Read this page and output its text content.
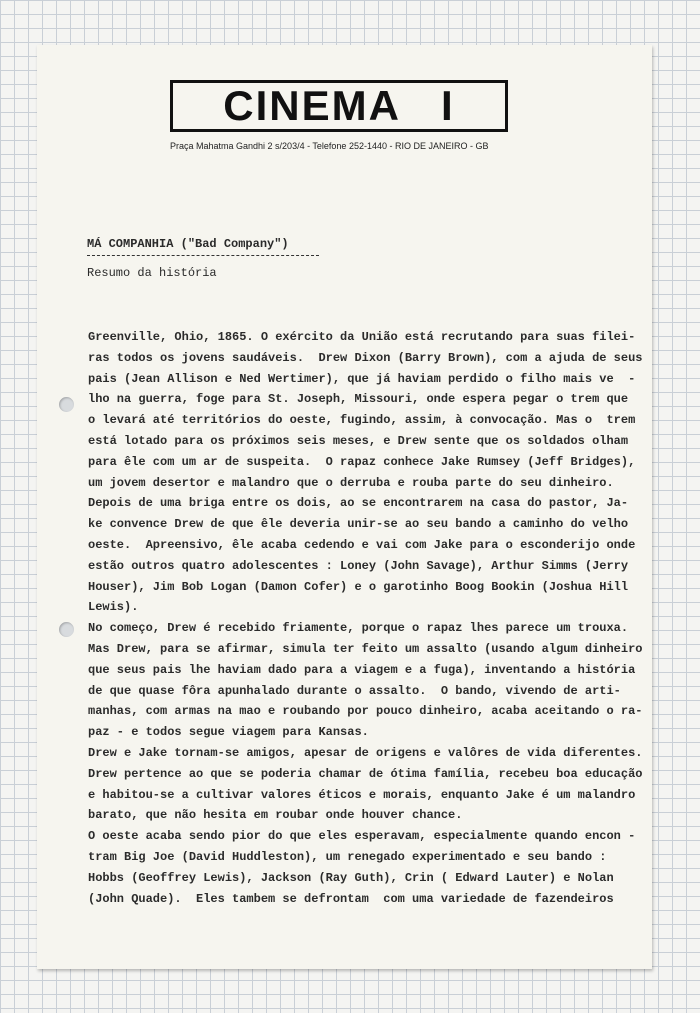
CINEMA I
Praça Mahatma Gandhi 2 s/203/4 - Telefone 252-1440 - RIO DE JANEIRO - GB
MÁ COMPANHIA ("Bad Company")
Resumo da história
Greenville, Ohio, 1865. O exército da União está recrutando para suas filei-
ras todos os jovens saudáveis.  Drew Dixon (Barry Brown), com a ajuda de seus
pais (Jean Allison e Ned Wertimer), que já haviam perdido o filho mais ve  -
lho na guerra, foge para St. Joseph, Missouri, onde espera pegar o trem que
o levará até territórios do oeste, fugindo, assim, à convocação. Mas o  trem
está lotado para os próximos seis meses, e Drew sente que os soldados olham
para êle com um ar de suspeita.  O rapaz conhece Jake Rumsey (Jeff Bridges),
um jovem desertor e malandro que o derruba e rouba parte do seu dinheiro.
Depois de uma briga entre os dois, ao se encontrarem na casa do pastor, Ja-
ke convence Drew de que êle deveria unir-se ao seu bando a caminho do velho
oeste.  Apreensivo, êle acaba cedendo e vai com Jake para o esconderijo onde
estão outros quatro adolescentes : Loney (John Savage), Arthur Simms (Jerry
Houser), Jim Bob Logan (Damon Cofer) e o garotinho Boog Bookin (Joshua Hill
Lewis).
No começo, Drew é recebido friamente, porque o rapaz lhes parece um trouxa.
Mas Drew, para se afirmar, simula ter feito um assalto (usando algum dinheiro
que seus pais lhe haviam dado para a viagem e a fuga), inventando a história
de que quase fôra apunhalado durante o assalto.  O bando, vivendo de arti-
manhas, com armas na mao e roubando por pouco dinheiro, acaba aceitando o ra-
paz - e todos segue viagem para Kansas.
Drew e Jake tornam-se amigos, apesar de origens e valôres de vida diferentes.
Drew pertence ao que se poderia chamar de ótima família, recebeu boa educação
e habitou-se a cultivar valores éticos e morais, enquanto Jake é um malandro
barato, que não hesita em roubar onde houver chance.
O oeste acaba sendo pior do que eles esperavam, especialmente quando encon -
tram Big Joe (David Huddleston), um renegado experimentado e seu bando :
Hobbs (Geoffrey Lewis), Jackson (Ray Guth), Crin ( Edward Lauter) e Nolan
(John Quade).  Eles tambem se defrontam  com uma variedade de fazendeiros
